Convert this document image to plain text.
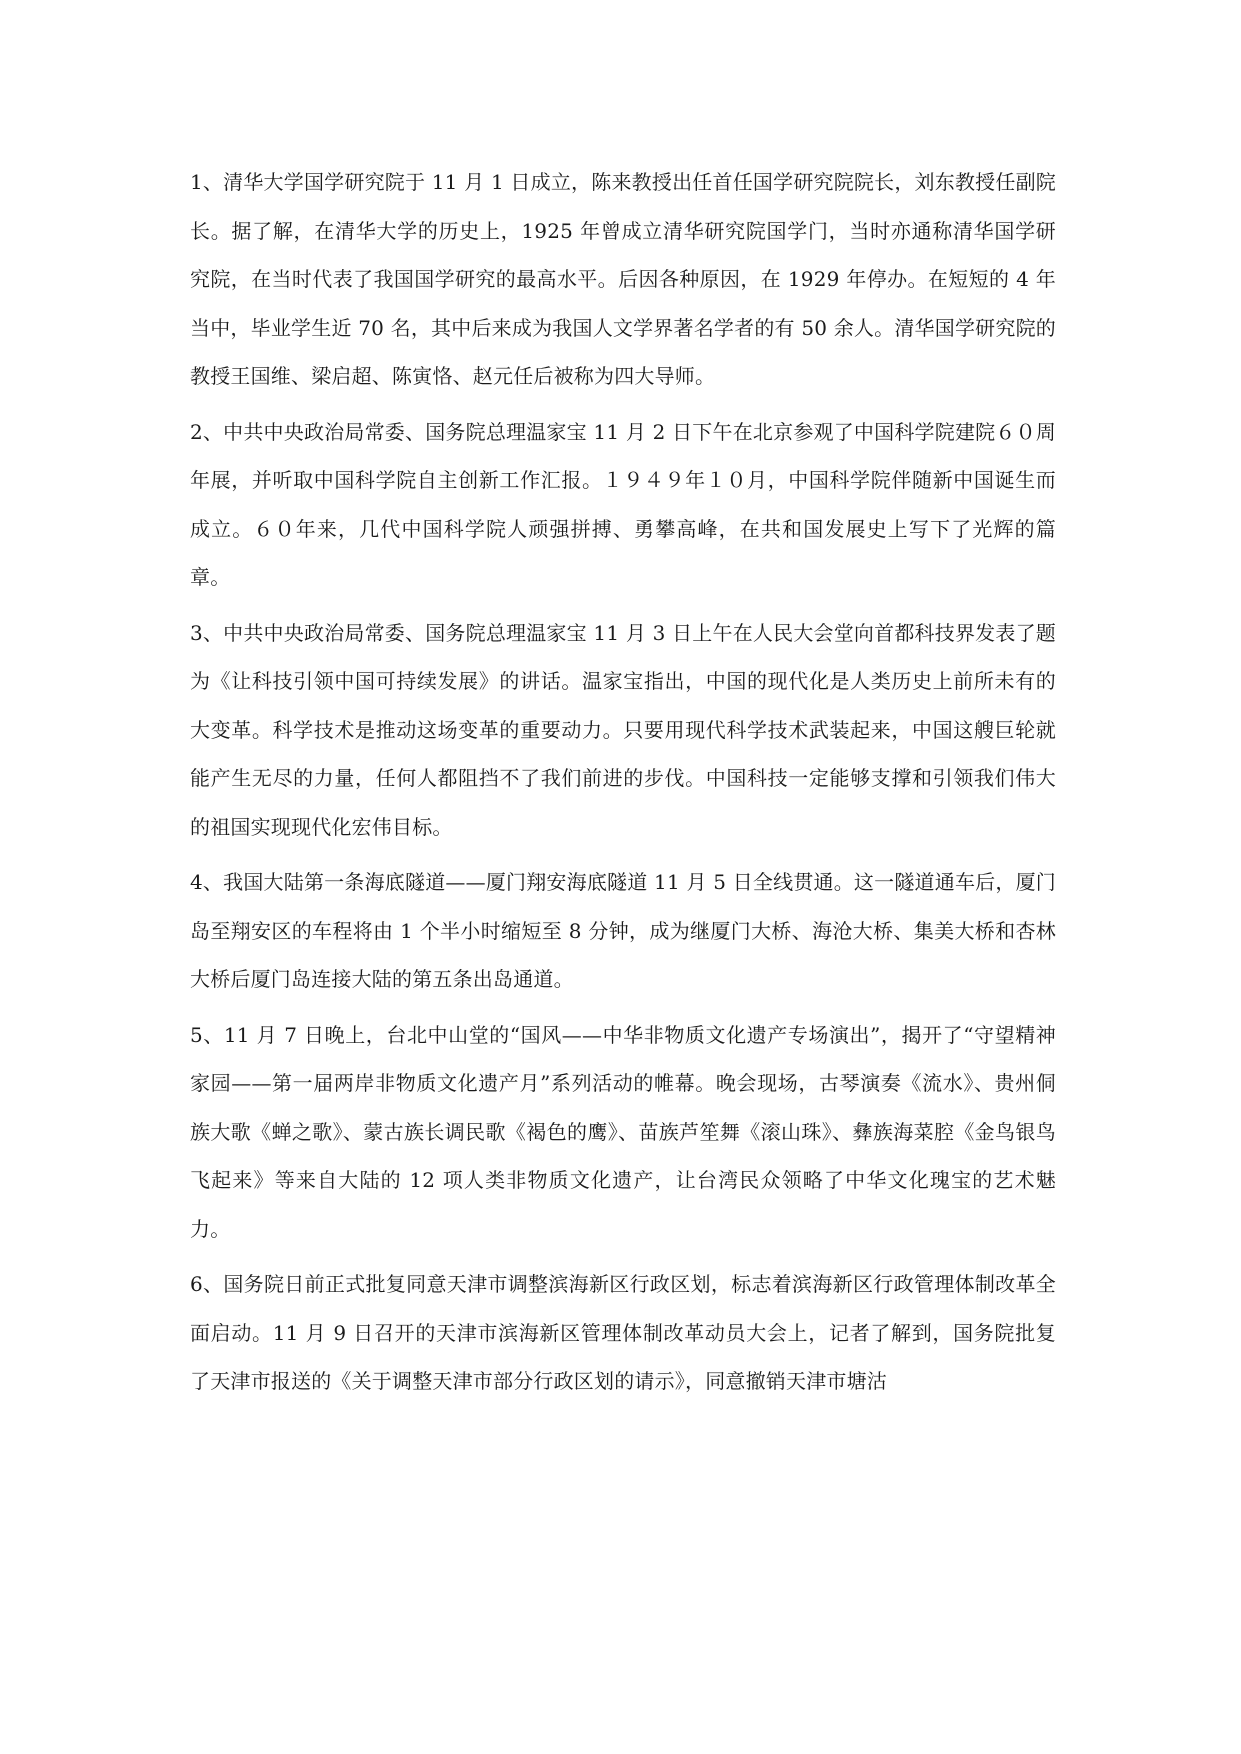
1、清华大学国学研究院于 11 月 1 日成立，陈来教授出任首任国学研究院院长，刘东教授任副院长。据了解，在清华大学的历史上，1925 年曾成立清华研究院国学门，当时亦通称清华国学研究院，在当时代表了我国国学研究的最高水平。后因各种原因，在 1929 年停办。在短短的 4 年当中，毕业学生近 70 名，其中后来成为我国人文学界著名学者的有 50 余人。清华国学研究院的教授王国维、梁启超、陈寅恪、赵元任后被称为四大导师。

2、中共中央政治局常委、国务院总理温家宝 11 月 2 日下午在北京参观了中国科学院建院６０周年展，并听取中国科学院自主创新工作汇报。１９４９年１０月，中国科学院伴随新中国诞生而成立。６０年来，几代中国科学院人顽强拼搏、勇攀高峰，在共和国发展史上写下了光辉的篇章。

3、中共中央政治局常委、国务院总理温家宝 11 月 3 日上午在人民大会堂向首都科技界发表了题为《让科技引领中国可持续发展》的讲话。温家宝指出，中国的现代化是人类历史上前所未有的大变革。科学技术是推动这场变革的重要动力。只要用现代科学技术武装起来，中国这艘巨轮就能产生无尽的力量，任何人都阻挡不了我们前进的步伐。中国科技一定能够支撑和引领我们伟大的祖国实现现代化宏伟目标。

4、我国大陆第一条海底隧道——厦门翔安海底隧道 11 月 5 日全线贯通。这一隧道通车后，厦门岛至翔安区的车程将由 1 个半小时缩短至 8 分钟，成为继厦门大桥、海沧大桥、集美大桥和杏林大桥后厦门岛连接大陆的第五条出岛通道。

5、11 月 7 日晚上，台北中山堂的“国风——中华非物质文化遗产专场演出”，揭开了“守望精神家园——第一届两岸非物质文化遗产月”系列活动的帷幕。晚会现场，古琴演奏《流水》、贵州侗族大歌《蝉之歌》、蒙古族长调民歌《褐色的鹰》、苗族芦笙舞《滚山珠》、彝族海菜腔《金鸟银鸟飞起来》等来自大陆的 12 项人类非物质文化遗产，让台湾民众领略了中华文化瑰宝的艺术魅力。

6、国务院日前正式批复同意天津市调整滨海新区行政区划，标志着滨海新区行政管理体制改革全面启动。11 月 9 日召开的天津市滨海新区管理体制改革动员大会上，记者了解到，国务院批复了天津市报送的《关于调整天津市部分行政区划的请示》，同意撤销天津市塘沽
